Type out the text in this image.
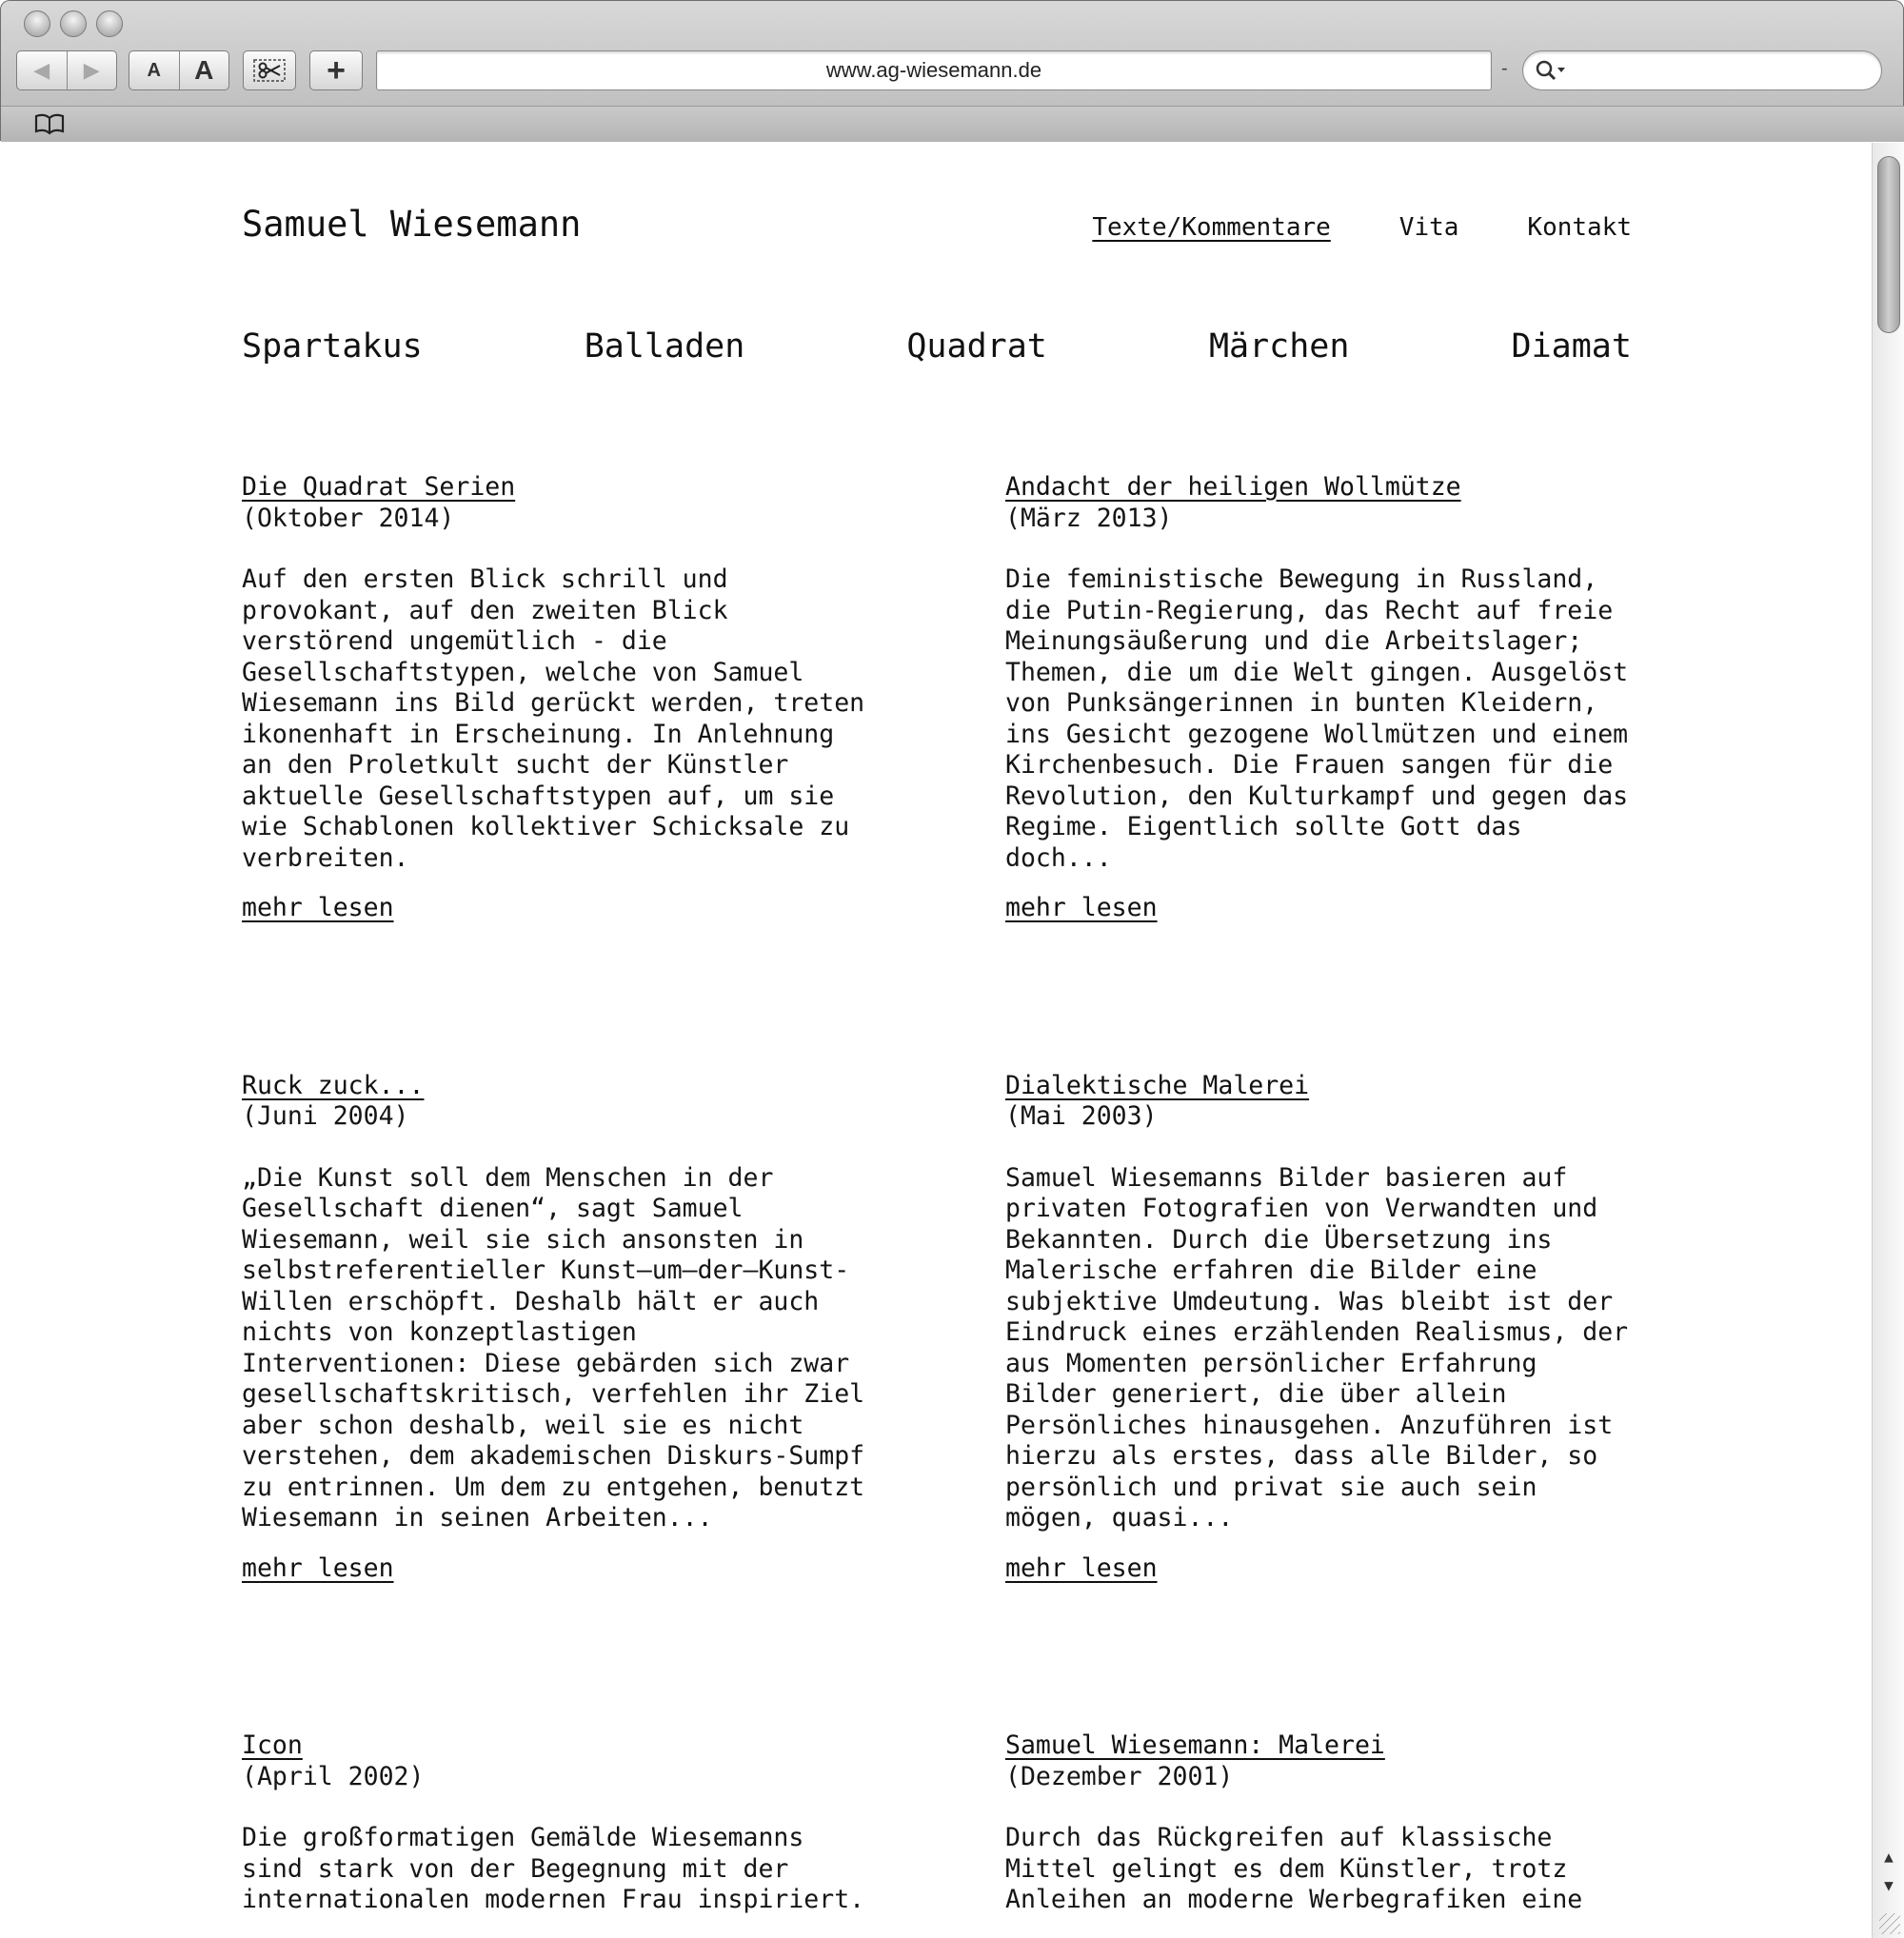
◀	▶	A	A	+	www.ag-wiesemann.de	-
Samuel Wiesemann	Texte/Kommentare	Vita	Kontakt
Spartakus	Balladen	Quadrat	Märchen	Diamat
Die Quadrat Serien
(Oktober 2014)

Auf den ersten Blick schrill und
provokant, auf den zweiten Blick
verstörend ungemütlich - die
Gesellschaftstypen, welche von Samuel
Wiesemann ins Bild gerückt werden, treten
ikonenhaft in Erscheinung. In Anlehnung
an den Proletkult sucht der Künstler
aktuelle Gesellschaftstypen auf, um sie
wie Schablonen kollektiver Schicksale zu
verbreiten.

mehr lesen
Andacht der heiligen Wollmütze
(März 2013)

Die feministische Bewegung in Russland,
die Putin-Regierung, das Recht auf freie
Meinungsäußerung und die Arbeitslager;
Themen, die um die Welt gingen. Ausgelöst
von Punksängerinnen in bunten Kleidern,
ins Gesicht gezogene Wollmützen und einem
Kirchenbesuch. Die Frauen sangen für die
Revolution, den Kulturkampf und gegen das
Regime. Eigentlich sollte Gott das
doch...

mehr lesen
Ruck zuck...
(Juni 2004)

„Die Kunst soll dem Menschen in der
Gesellschaft dienen“, sagt Samuel
Wiesemann, weil sie sich ansonsten in
selbstreferentieller Kunst–um–der–Kunst-
Willen erschöpft. Deshalb hält er auch
nichts von konzeptlastigen
Interventionen: Diese gebärden sich zwar
gesellschaftskritisch, verfehlen ihr Ziel
aber schon deshalb, weil sie es nicht
verstehen, dem akademischen Diskurs-Sumpf
zu entrinnen. Um dem zu entgehen, benutzt
Wiesemann in seinen Arbeiten...

mehr lesen
Dialektische Malerei
(Mai 2003)

Samuel Wiesemanns Bilder basieren auf
privaten Fotografien von Verwandten und
Bekannten. Durch die Übersetzung ins
Malerische erfahren die Bilder eine
subjektive Umdeutung. Was bleibt ist der
Eindruck eines erzählenden Realismus, der
aus Momenten persönlicher Erfahrung
Bilder generiert, die über allein
Persönliches hinausgehen. Anzuführen ist
hierzu als erstes, dass alle Bilder, so
persönlich und privat sie auch sein
mögen, quasi...

mehr lesen
Icon
(April 2002)

Die großformatigen Gemälde Wiesemanns
sind stark von der Begegnung mit der
internationalen modernen Frau inspiriert.

Samuel Wiesemann: Malerei
(Dezember 2001)

Durch das Rückgreifen auf klassische
Mittel gelingt es dem Künstler, trotz
Anleihen an moderne Werbegrafiken eine

▲
▼
